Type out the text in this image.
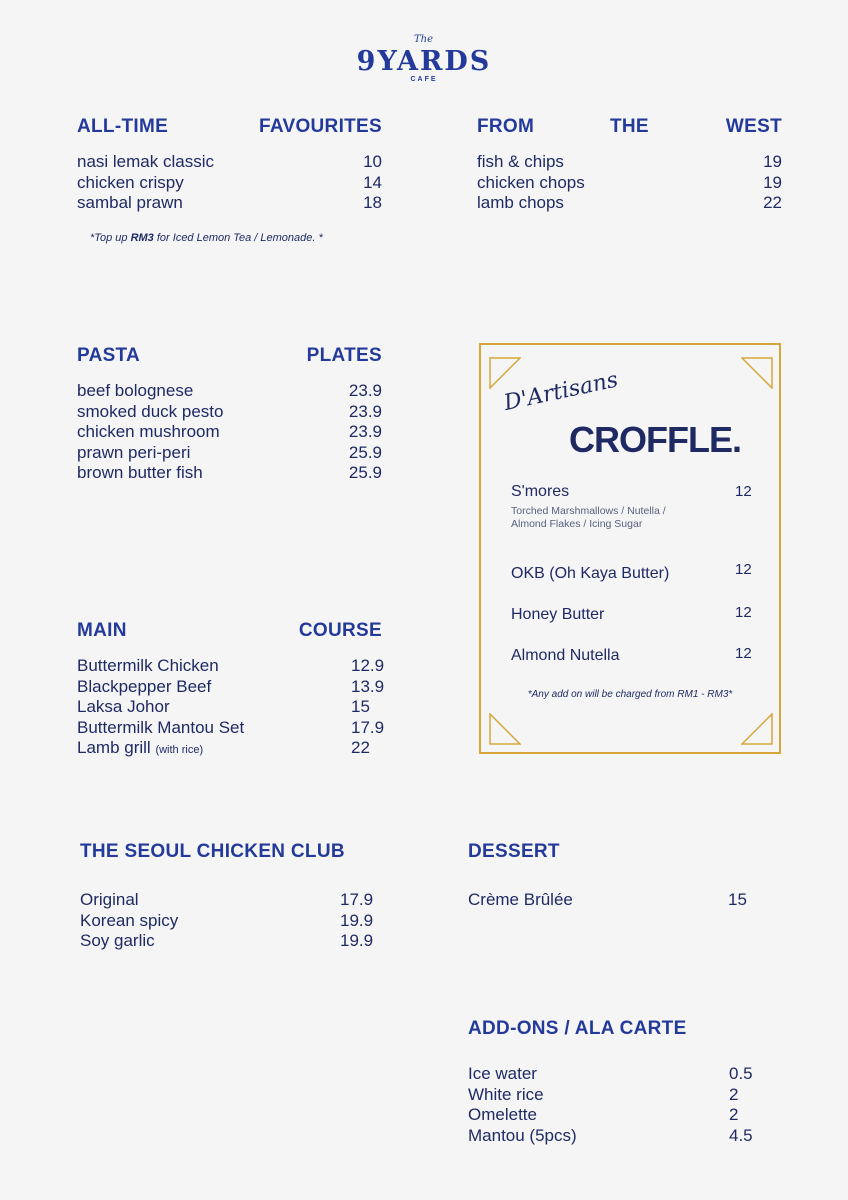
The
9YARDS
CAFE
ALL-TIME	FAVOURITES
nasi lemak classic	10
chicken crispy	14
sambal prawn	18
*Top up RM3 for Iced Lemon Tea / Lemonade. *
FROM	THE	WEST
fish & chips	19
chicken chops	19
lamb chops	22
PASTA	PLATES
beef bolognese	23.9
smoked duck pesto	23.9
chicken mushroom	23.9
prawn peri-peri	25.9
brown butter fish	25.9
MAIN	COURSE
Buttermilk Chicken	12.9
Blackpepper Beef	13.9
Laksa Johor	15
Buttermilk Mantou Set	17.9
Lamb grill (with rice)	22
D'Artisans
CROFFLE.
S'mores	12
Torched Marshmallows / Nutella /
Almond Flakes / Icing Sugar
OKB (Oh Kaya Butter)	12
Honey Butter	12
Almond Nutella	12
*Any add on will be charged from RM1 - RM3*
THE SEOUL CHICKEN CLUB
Original	17.9
Korean spicy	19.9
Soy garlic	19.9
DESSERT
Crème Brûlée	15
ADD-ONS / ALA CARTE
Ice water	0.5
White rice	2
Omelette	2
Mantou (5pcs)	4.5
